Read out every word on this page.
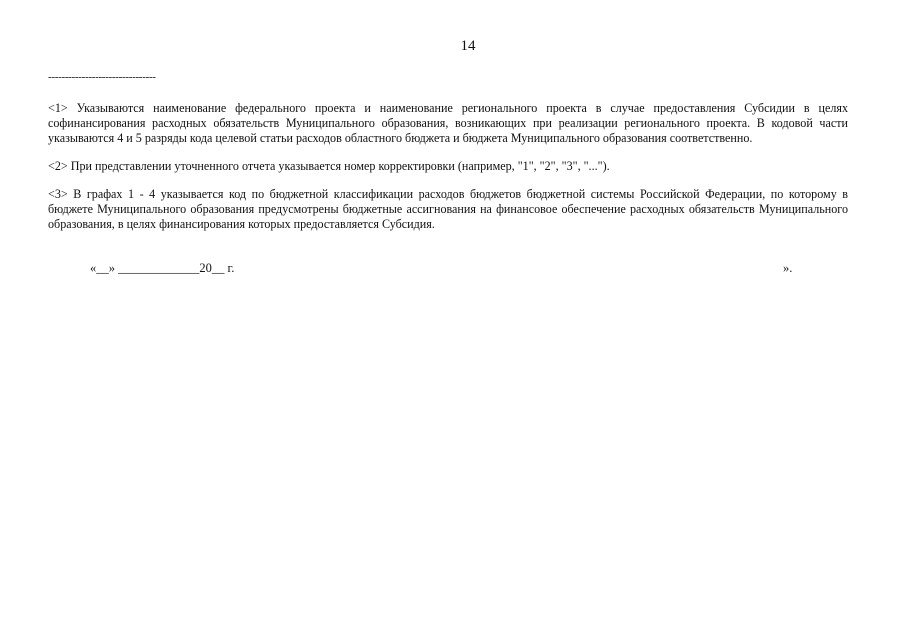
14
--------------------------------

<1> Указываются наименование федерального проекта и наименование регионального проекта в случае предоставления Субсидии в целях софинансирования расходных обязательств Муниципального образования, возникающих при реализации регионального проекта. В кодовой части указываются 4 и 5 разряды кода целевой статьи расходов областного бюджета и бюджета Муниципального образования соответственно.

<2> При представлении уточненного отчета указывается номер корректировки (например, "1", "2", "3", "...").

<3> В графах 1 - 4 указывается код по бюджетной классификации расходов бюджетов бюджетной системы Российской Федерации, по которому в бюджете Муниципального образования предусмотрены бюджетные ассигнования на финансовое обеспечение расходных обязательств Муниципального образования, в целях финансирования которых предоставляется Субсидия.

«__» _____________20__ г.	».
